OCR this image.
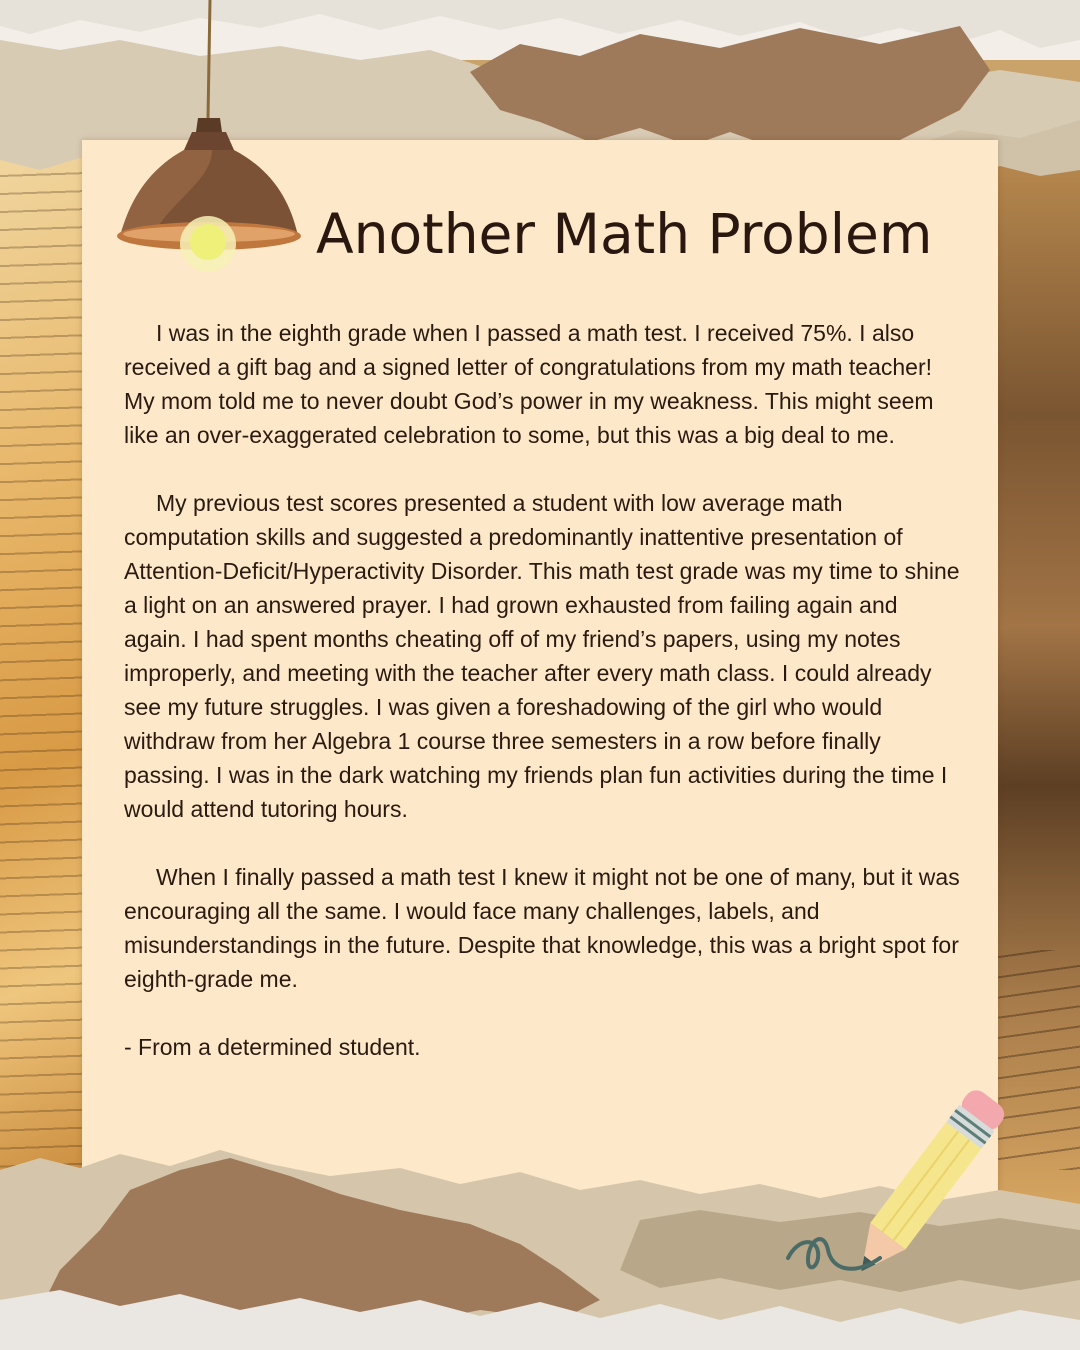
Another Math Problem

I was in the eighth grade when I passed a math test. I received 75%. I also received a gift bag and a signed letter of congratulations from my math teacher! My mom told me to never doubt God’s power in my weakness. This might seem like an over-exaggerated celebration to some, but this was a big deal to me.

My previous test scores presented a student with low average math computation skills and suggested a predominantly inattentive presentation of Attention-Deficit/Hyperactivity Disorder. This math test grade was my time to shine a light on an answered prayer. I had grown exhausted from failing again and again. I had spent months cheating off of my friend’s papers, using my notes improperly, and meeting with the teacher after every math class. I could already see my future struggles. I was given a foreshadowing of the girl who would withdraw from her Algebra 1 course three semesters in a row before finally passing. I was in the dark watching my friends plan fun activities during the time I would attend tutoring hours.

When I finally passed a math test I knew it might not be one of many, but it was encouraging all the same. I would face many challenges, labels, and misunderstandings in the future. Despite that knowledge, this was a bright spot for eighth-grade me.

- From a determined student.
